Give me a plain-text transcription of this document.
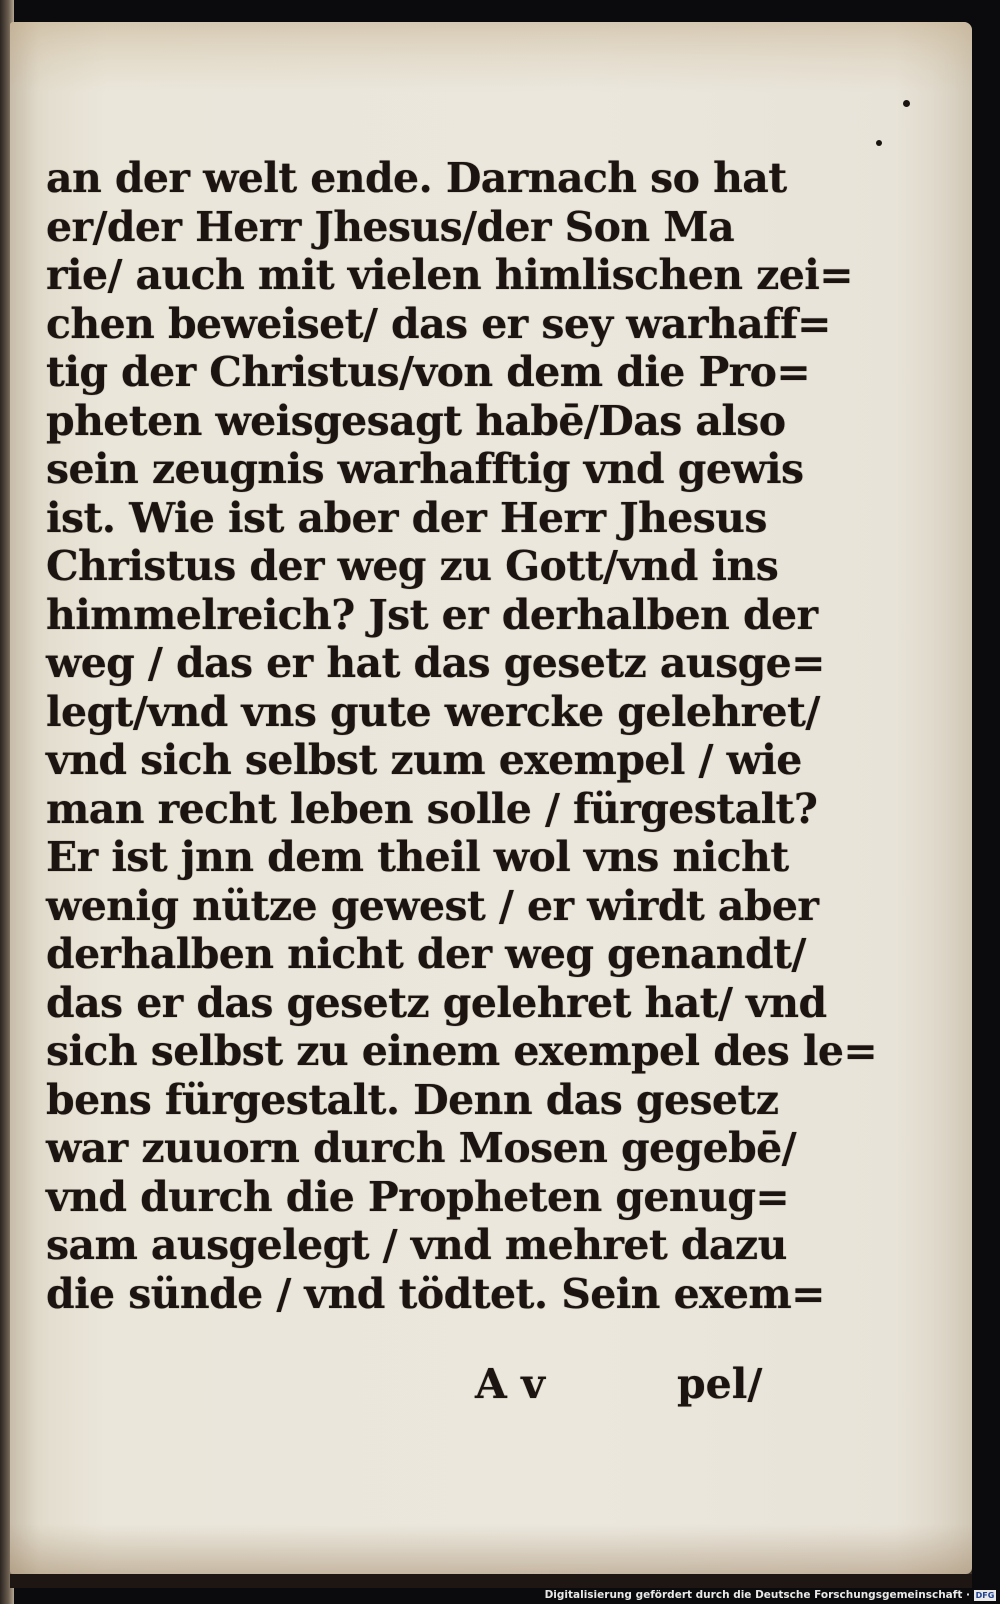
an der welt ende. Darnach so hat
er/der Herr Jhesus/der Son Ma
rie/ auch mit vielen himlischen zei=
chen beweiset/ das er sey warhaff=
tig der Christus/von dem die Pro=
pheten weisgesagt habē/Das also
sein zeugnis warhafftig vnd gewis
ist. Wie ist aber der Herr Jhesus
Christus der weg zu Gott/vnd ins
himmelreich? Jst er derhalben der
weg / das er hat das gesetz ausge=
legt/vnd vns gute wercke gelehret/
vnd sich selbst zum exempel / wie
man recht leben solle / fürgestalt?
Er ist jnn dem theil wol vns nicht
wenig nütze gewest / er wirdt aber
derhalben nicht der weg genandt/
das er das gesetz gelehret hat/ vnd
sich selbst zu einem exempel des le=
bens fürgestalt. Denn das gesetz
war zuuorn durch Mosen gegebē/
vnd durch die Propheten genug=
sam ausgelegt / vnd mehret dazu
die sünde / vnd tödtet. Sein exem=
A v	pel/
Digitalisierung gefördert durch die Deutsche Forschungsgemeinschaft · DFG
